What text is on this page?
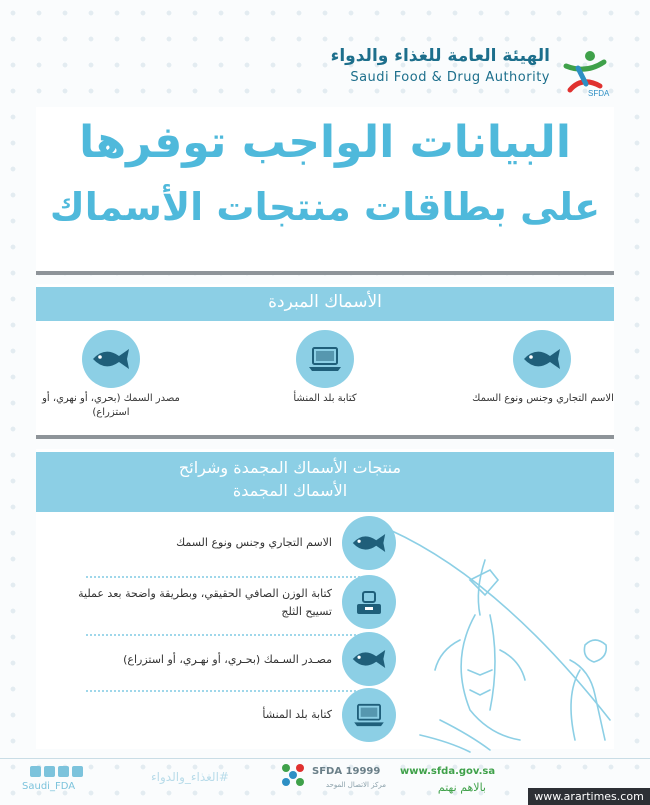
الهيئة العامة للغذاء والدواء
Saudi Food & Drug Authority
SFDA
البيانات الواجب توفرها
على بطاقات منتجات الأسماك
الأسماك المبردة
الاسم التجاري وجنس ونوع السمك
كتابة بلد المنشأ
مصدر السمك (بحري، أو نهري، أو استزراع)
منتجات الأسماك المجمدة وشرائح
الأسماك المجمدة
الاسم التجاري وجنس ونوع السمك
كتابة الوزن الصافي الحقيقي، وبطريقة واضحة بعد عملية تسييح الثلج
مصـدر السـمك (بحـري، أو نهـري، أو استزراع)
كتابة بلد المنشأ
Saudi_FDA
#الغذاء_والدواء	SFDA 19999
مركز الاتصال الموحد
www.sfda.gov.sa
بالاهم نهتم
www.arartimes.com
